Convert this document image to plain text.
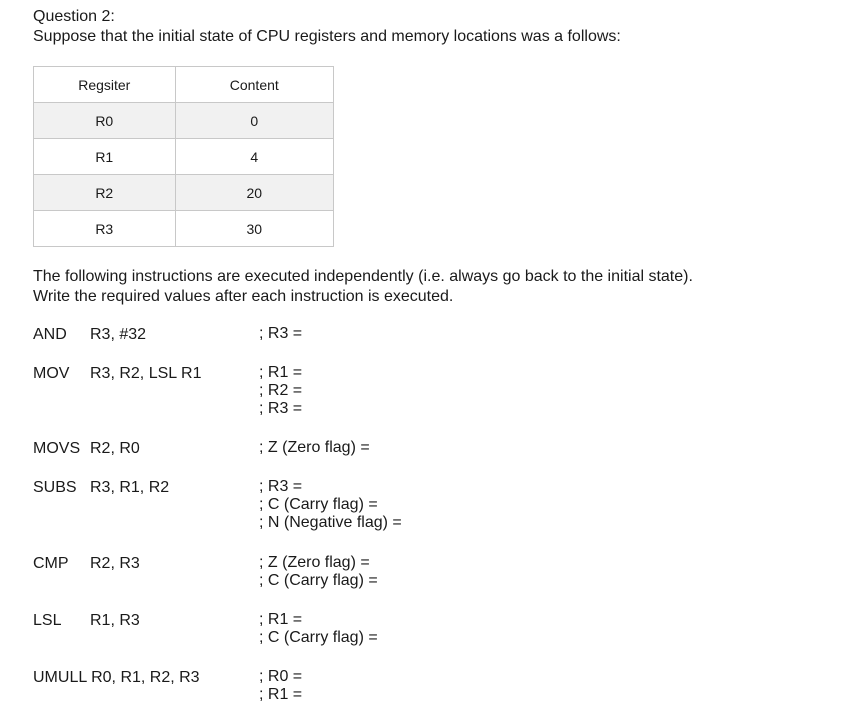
Question 2:
Suppose that the initial state of CPU registers and memory locations was a follows:
Regsiter	Content
R0	0
R1	4
R2	20
R3	30
The following instructions are executed independently (i.e. always go back to the initial state).
Write the required values after each instruction is executed.
AND R3, #32	; R3 =
MOV R3, R2, LSL R1	; R1 =
; R2 =
; R3 =
MOVS R2, R0	; Z (Zero flag) =
SUBS R3, R1, R2	; R3 =
; C (Carry flag) =
; N (Negative flag) =
CMP R2, R3	; Z (Zero flag) =
; C (Carry flag) =
LSL R1, R3	; R1 =
; C (Carry flag) =
UMULL R0, R1, R2, R3	; R0 =
; R1 =
